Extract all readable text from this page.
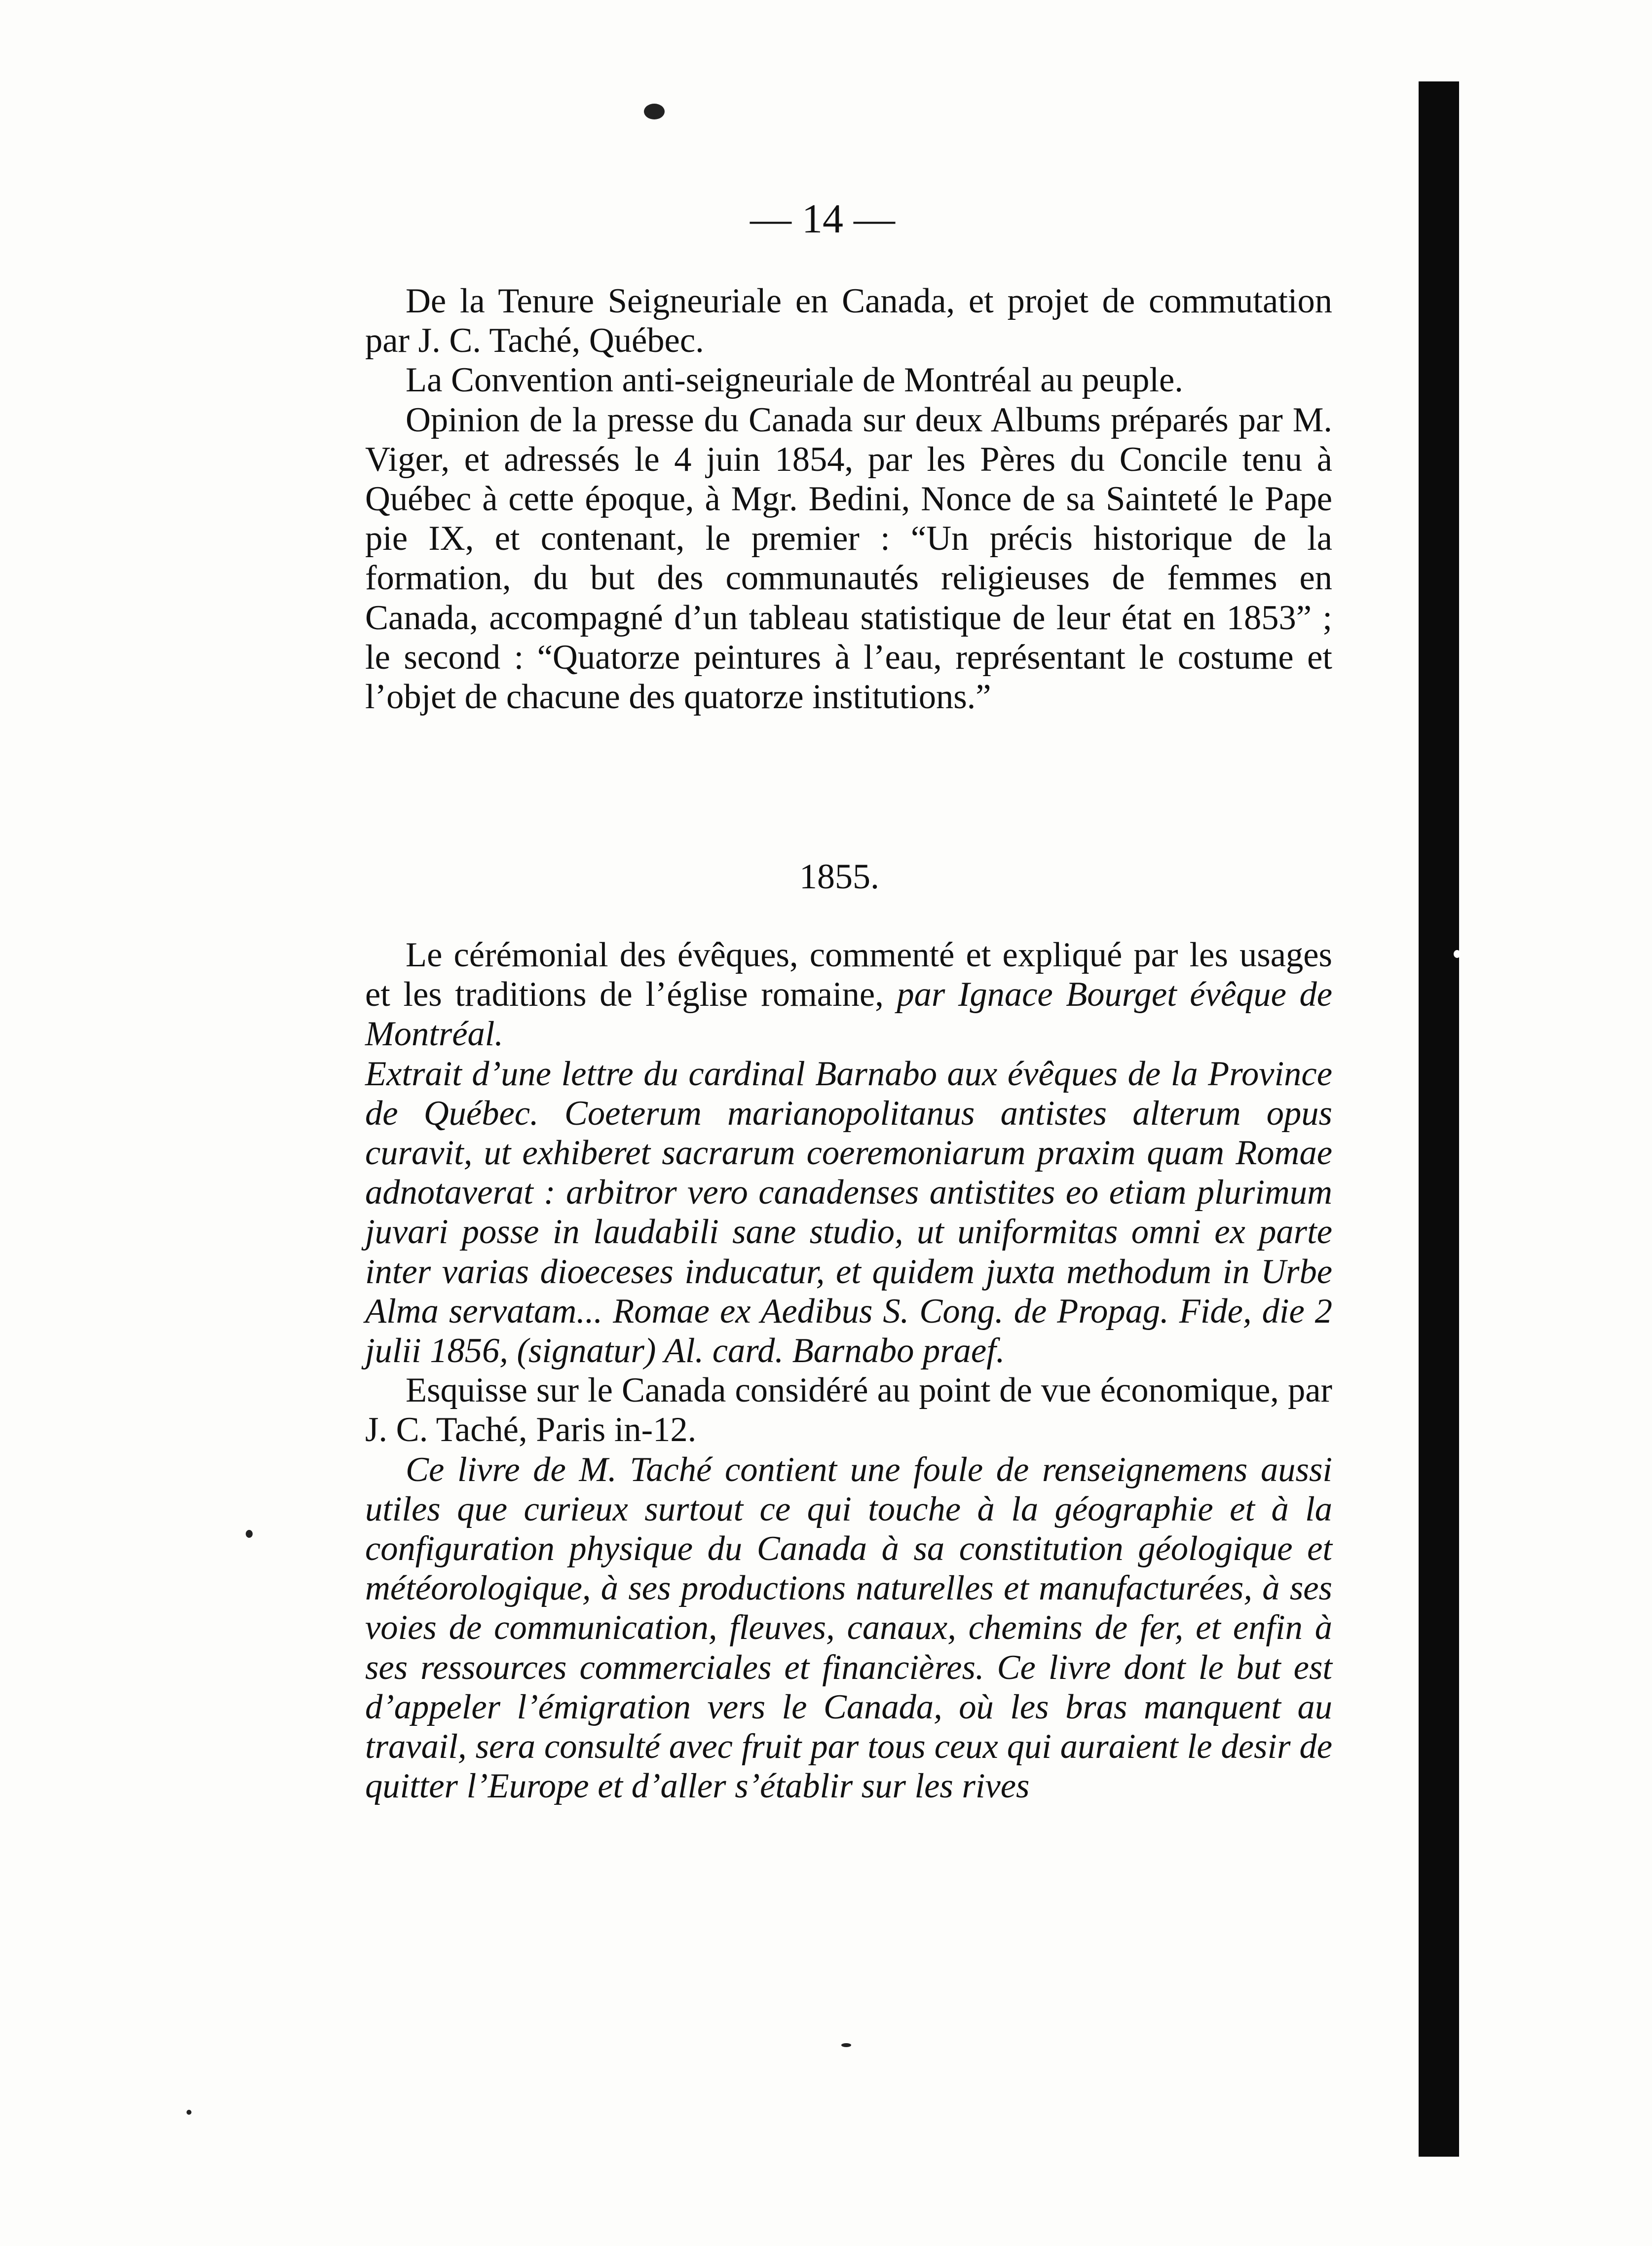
— 14 —

De la Tenure Seigneuriale en Canada, et projet de commutation par J. C. Taché, Québec.

La Convention anti-seigneuriale de Montréal au peuple.

Opinion de la presse du Canada sur deux Albums préparés par M. Viger, et adressés le 4 juin 1854, par les Pères du Concile tenu à Québec à cette époque, à Mgr. Bedini, Nonce de sa Sainteté le Pape pie IX, et contenant, le premier : “Un précis historique de la formation, du but des communautés religieuses de femmes en Canada, accompagné d’un tableau statistique de leur état en 1853” ; le second : “Quatorze peintures à l’eau, représentant le costume et l’objet de chacune des quatorze institutions.”

1855.

Le cérémonial des évêques, commenté et expliqué par les usages et les traditions de l’église romaine, par Ignace Bourget évêque de Montréal.

Extrait d’une lettre du cardinal Barnabo aux évêques de la Province de Québec. Coeterum marianopolitanus antistes alterum opus curavit, ut exhiberet sacrarum coeremoniarum praxim quam Romae adnotaverat : arbitror vero canadenses antistites eo etiam plurimum juvari posse in laudabili sane studio, ut uniformitas omni ex parte inter varias dioeceses inducatur, et quidem juxta methodum in Urbe Alma servatam... Romae ex Aedibus S. Cong. de Propag. Fide, die 2 julii 1856, (signatur) Al. card. Barnabo praef.

Esquisse sur le Canada considéré au point de vue économique, par J. C. Taché, Paris in-12.

Ce livre de M. Taché contient une foule de renseignemens aussi utiles que curieux surtout ce qui touche à la géographie et à la configuration physique du Canada à sa constitution géologique et météorologique, à ses productions naturelles et manufacturées, à ses voies de communication, fleuves, canaux, chemins de fer, et enfin à ses ressources commerciales et financières. Ce livre dont le but est d’appeler l’émigration vers le Canada, où les bras manquent au travail, sera consulté avec fruit par tous ceux qui auraient le desir de quitter l’Europe et d’aller s’établir sur les rives
